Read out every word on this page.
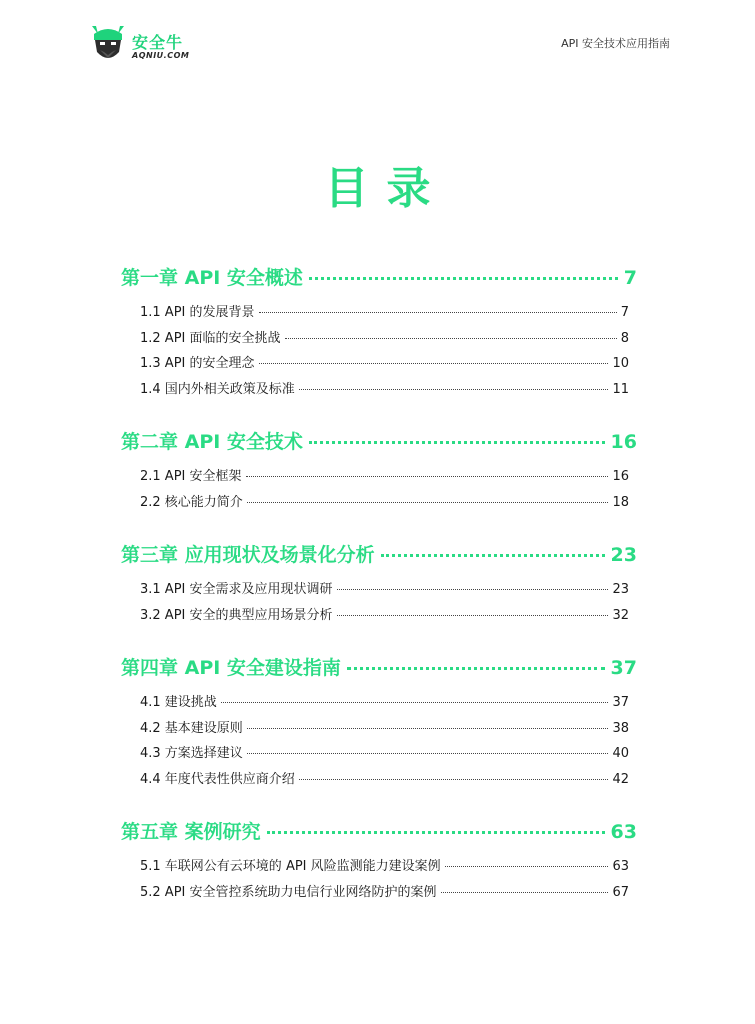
安全牛
AQNIU.COM
API 安全技术应用指南
目录
第一章 API 安全概述	7
1.1 API 的发展背景	7
1.2 API 面临的安全挑战	8
1.3 API 的安全理念	10
1.4 国内外相关政策及标准	11
第二章 API 安全技术	16
2.1 API 安全框架	16
2.2 核心能力简介	18
第三章 应用现状及场景化分析	23
3.1 API 安全需求及应用现状调研	23
3.2 API 安全的典型应用场景分析	32
第四章 API 安全建设指南	37
4.1 建设挑战	37
4.2 基本建设原则	38
4.3 方案选择建议	40
4.4 年度代表性供应商介绍	42
第五章 案例研究	63
5.1 车联网公有云环境的 API 风险监测能力建设案例	63
5.2 API 安全管控系统助力电信行业网络防护的案例	67
